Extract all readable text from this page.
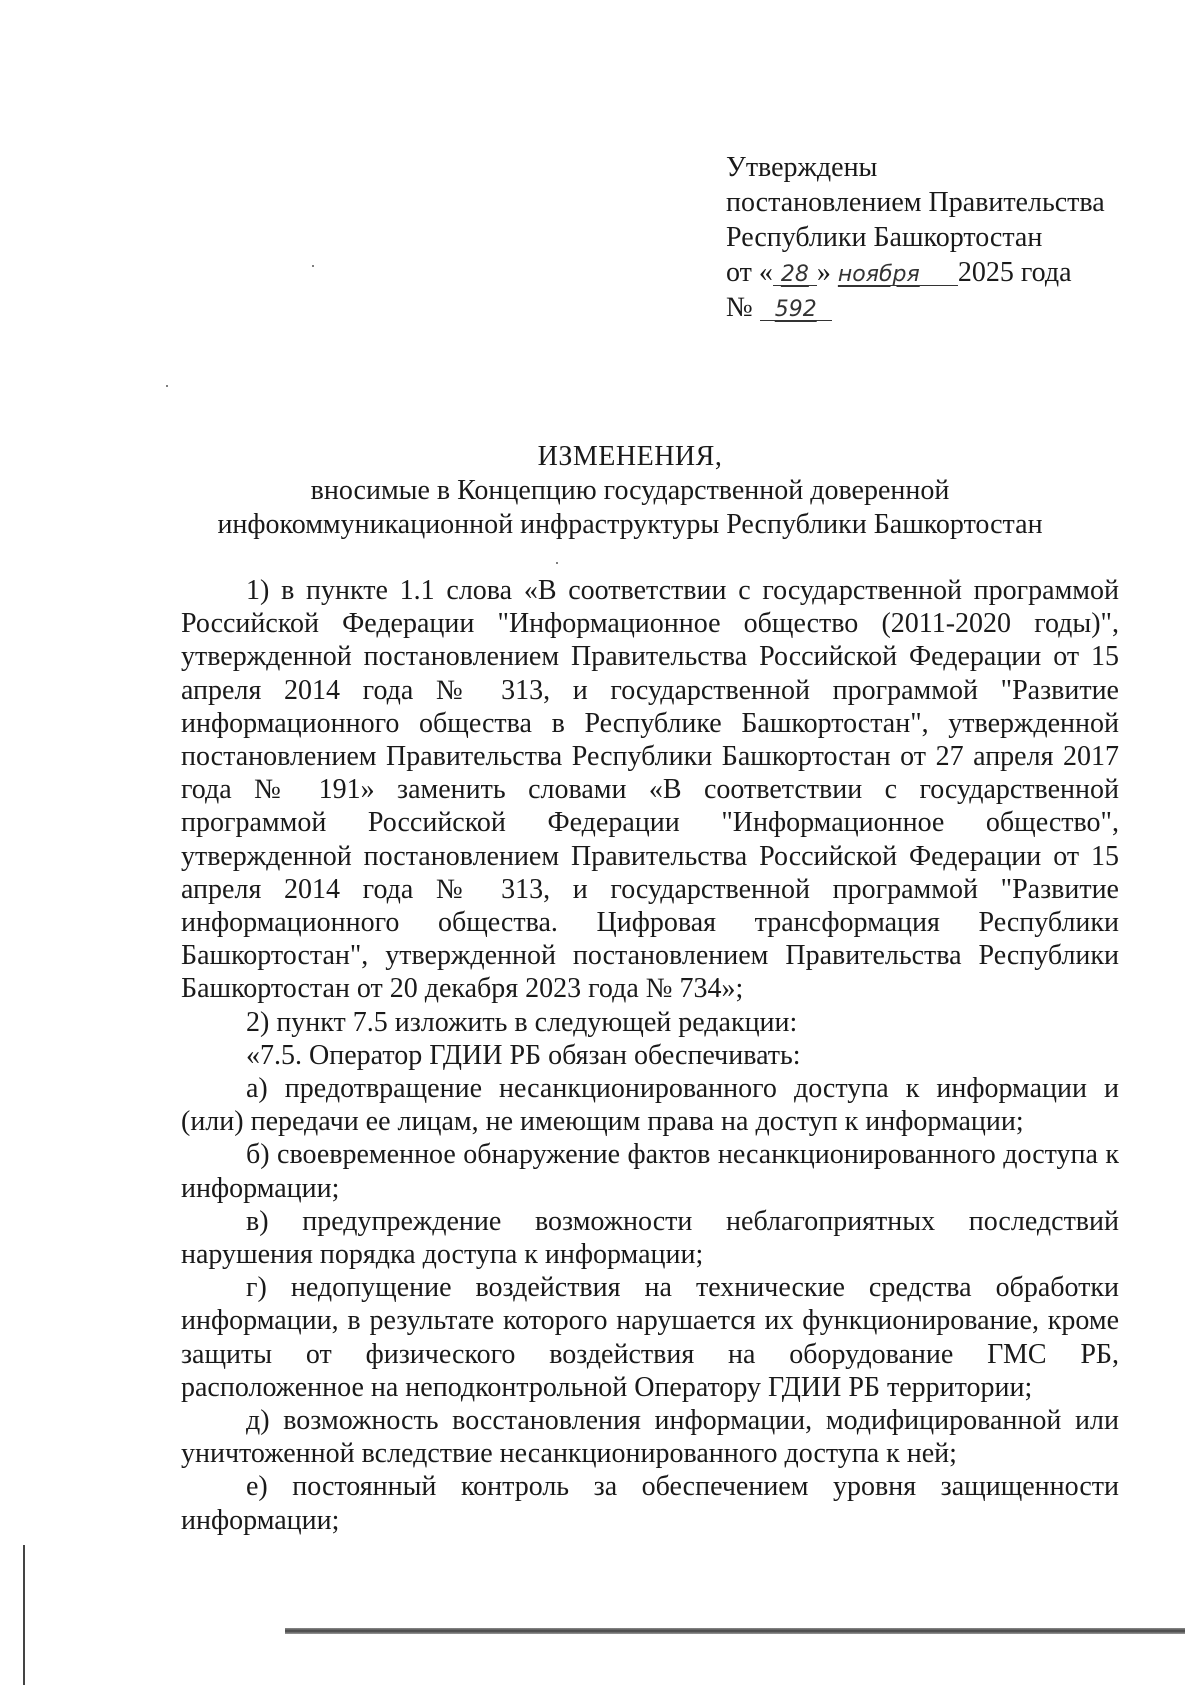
Утверждены
постановлением Правительства
Республики Башкортостан
от « 28 » ноября 2025 года
№ 592
ИЗМЕНЕНИЯ,
вносимые в Концепцию государственной доверенной
инфокоммуникационной инфраструктуры Республики Башкортостан

1) в пункте 1.1 слова «В соответствии с государственной программой Российской Федерации "Информационное общество (2011-2020 годы)", утвержденной постановлением Правительства Российской Федерации от 15 апреля 2014 года № 313, и государственной программой "Развитие информационного общества в Республике Башкортостан", утвержденной постановлением Правительства Республики Башкортостан от 27 апреля 2017 года № 191» заменить словами «В соответствии с государственной программой Российской Федерации "Информационное общество", утвержденной постановлением Правительства Российской Федерации от 15 апреля 2014 года № 313, и государственной программой "Развитие информационного общества. Цифровая трансформация Республики Башкортостан", утвержденной постановлением Правительства Республики Башкортостан от 20 декабря 2023 года № 734»;

2) пункт 7.5 изложить в следующей редакции:

«7.5. Оператор ГДИИ РБ обязан обеспечивать:

а) предотвращение несанкционированного доступа к информации и (или) передачи ее лицам, не имеющим права на доступ к информации;

б) своевременное обнаружение фактов несанкционированного доступа к информации;

в) предупреждение возможности неблагоприятных последствий нарушения порядка доступа к информации;

г) недопущение воздействия на технические средства обработки информации, в результате которого нарушается их функционирование, кроме защиты от физического воздействия на оборудование ГМС РБ, расположенное на неподконтрольной Оператору ГДИИ РБ территории;

д) возможность восстановления информации, модифицированной или уничтоженной вследствие несанкционированного доступа к ней;

е) постоянный контроль за обеспечением уровня защищенности информации;
